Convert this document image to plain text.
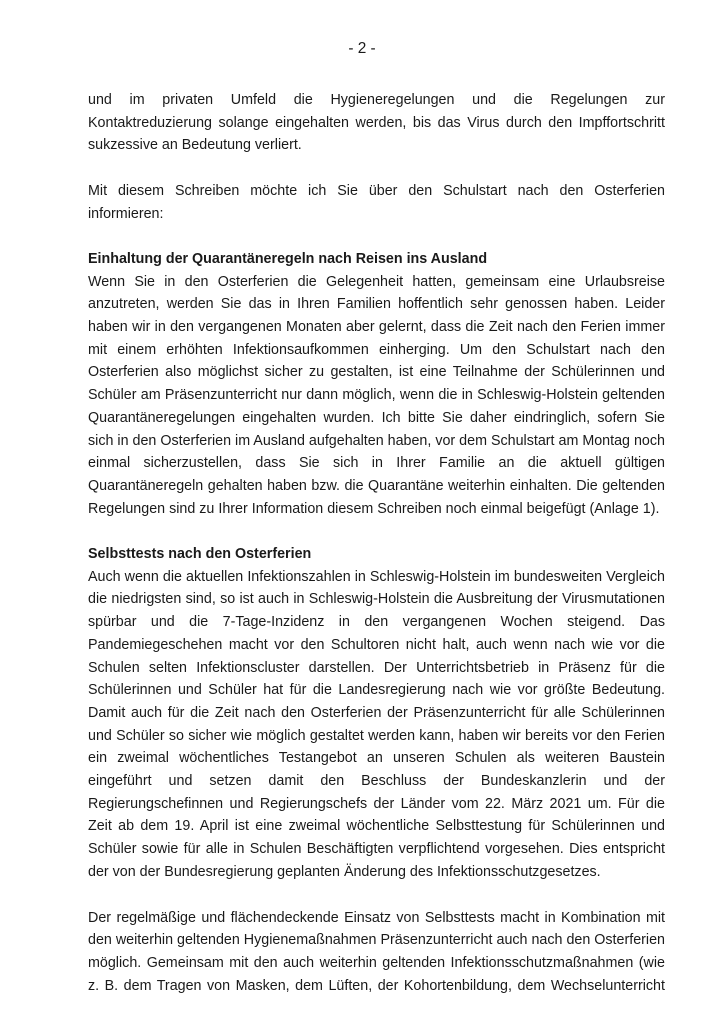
- 2 -

und im privaten Umfeld die Hygieneregelungen und die Regelungen zur Kontaktreduzierung solange eingehalten werden, bis das Virus durch den Impffortschritt sukzessive an Bedeutung verliert.

Mit diesem Schreiben möchte ich Sie über den Schulstart nach den Osterferien informieren:

Einhaltung der Quarantäneregeln nach Reisen ins Ausland

Wenn Sie in den Osterferien die Gelegenheit hatten, gemeinsam eine Urlaubsreise anzutreten, werden Sie das in Ihren Familien hoffentlich sehr genossen haben. Leider haben wir in den vergangenen Monaten aber gelernt, dass die Zeit nach den Ferien immer mit einem erhöhten Infektionsaufkommen einherging. Um den Schulstart nach den Osterferien also möglichst sicher zu gestalten, ist eine Teilnahme der Schülerinnen und Schüler am Präsenzunterricht nur dann möglich, wenn die in Schleswig-Holstein geltenden Quarantäneregelungen eingehalten wurden. Ich bitte Sie daher eindringlich, sofern Sie sich in den Osterferien im Ausland aufgehalten haben, vor dem Schulstart am Montag noch einmal sicherzustellen, dass Sie sich in Ihrer Familie an die aktuell gültigen Quarantäneregeln gehalten haben bzw. die Quarantäne weiterhin einhalten. Die geltenden Regelungen sind zu Ihrer Information diesem Schreiben noch einmal beigefügt (Anlage 1).

Selbsttests nach den Osterferien

Auch wenn die aktuellen Infektionszahlen in Schleswig-Holstein im bundesweiten Vergleich die niedrigsten sind, so ist auch in Schleswig-Holstein die Ausbreitung der Virusmutationen spürbar und die 7-Tage-Inzidenz in den vergangenen Wochen steigend. Das Pandemiegeschehen macht vor den Schultoren nicht halt, auch wenn nach wie vor die Schulen selten Infektionscluster darstellen. Der Unterrichtsbetrieb in Präsenz für die Schülerinnen und Schüler hat für die Landesregierung nach wie vor größte Bedeutung. Damit auch für die Zeit nach den Osterferien der Präsenzunterricht für alle Schülerinnen und Schüler so sicher wie möglich gestaltet werden kann, haben wir bereits vor den Ferien ein zweimal wöchentliches Testangebot an unseren Schulen als weiteren Baustein eingeführt und setzen damit den Beschluss der Bundeskanzlerin und der Regierungschefinnen und Regierungschefs der Länder vom 22. März 2021 um. Für die Zeit ab dem 19. April ist eine zweimal wöchentliche Selbsttestung für Schülerinnen und Schüler sowie für alle in Schulen Beschäftigten verpflichtend vorgesehen. Dies entspricht der von der Bundesregierung geplanten Änderung des Infektionsschutzgesetzes.

Der regelmäßige und flächendeckende Einsatz von Selbsttests macht in Kombination mit den weiterhin geltenden Hygienemaßnahmen Präsenzunterricht auch nach den Osterferien möglich. Gemeinsam mit den auch weiterhin geltenden Infektionsschutzmaßnahmen (wie z. B. dem Tragen von Masken, dem Lüften, der Kohortenbildung, dem Wechselunterricht
